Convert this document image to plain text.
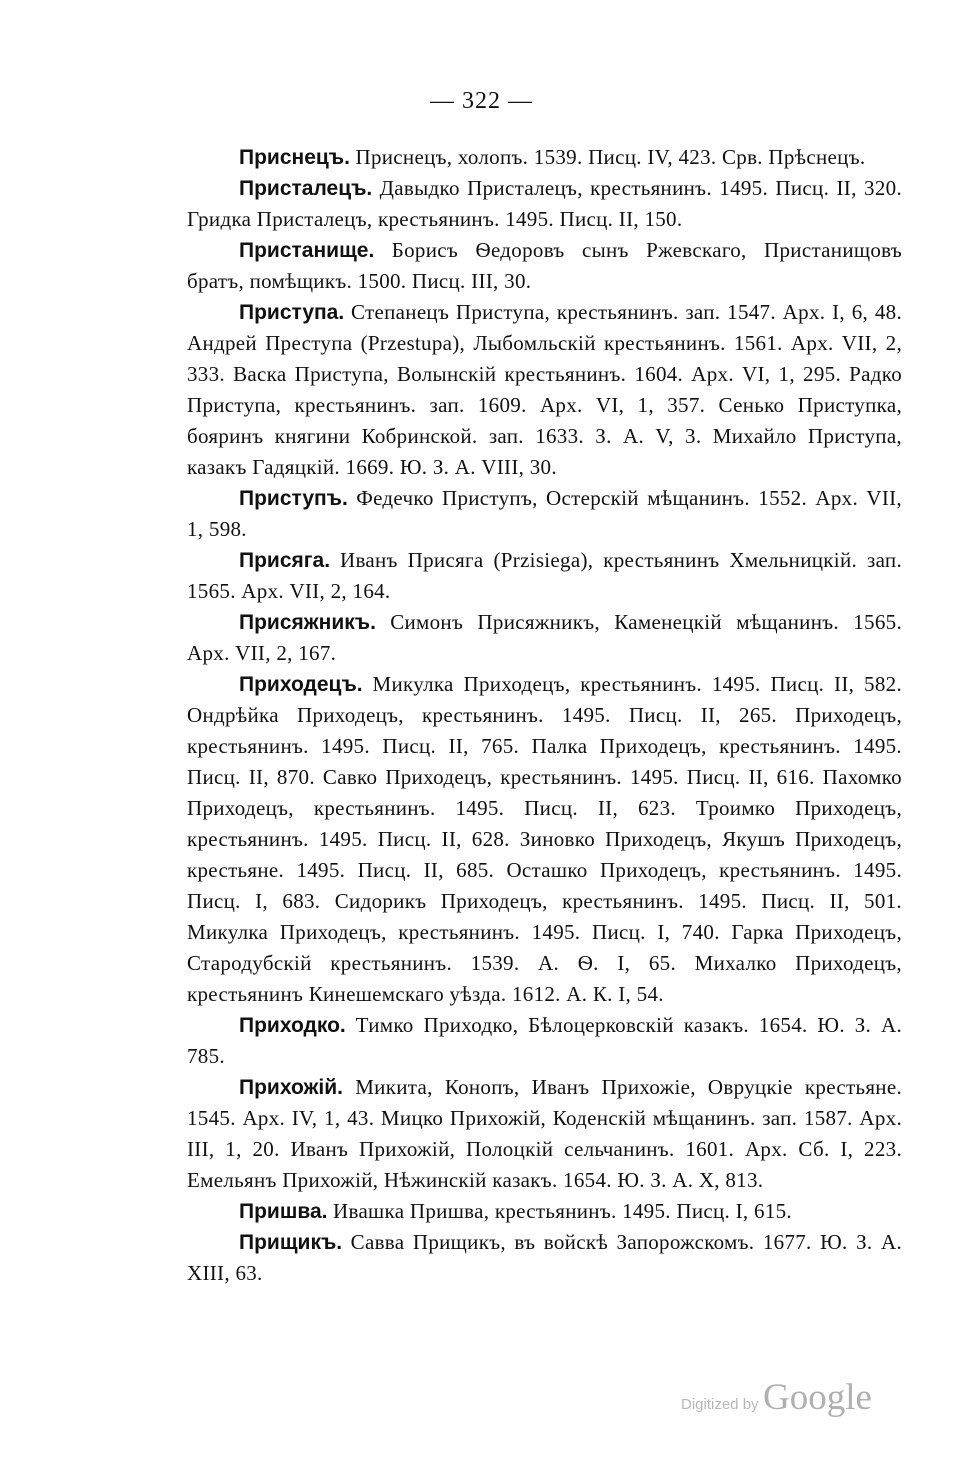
— 322 —

Приснецъ. Приснецъ, холопъ. 1539. Писц. IV, 423. Срв. Прѣснецъ.

Присталецъ. Давыдко Присталецъ, крестьянинъ. 1495. Писц. II, 320. Гридка Присталецъ, крестьянинъ. 1495. Писц. II, 150.

Пристанище. Борисъ Ѳедоровъ сынъ Ржевскаго, Пристанищовъ братъ, помѣщикъ. 1500. Писц. III, 30.

Приступа. Степанецъ Приступа, крестьянинъ. зап. 1547. Арх. I, 6, 48. Андрей Преступа (Przestupa), Лыбомльскій крестьянинъ. 1561. Арх. VII, 2, 333. Васка Приступа, Волынскій крестьянинъ. 1604. Арх. VI, 1, 295. Радко Приступа, крестьянинъ. зап. 1609. Арх. VI, 1, 357. Сенько Приступка, бояринъ княгини Кобринской. зап. 1633. З. А. V, 3. Михайло Приступа, казакъ Гадяцкій. 1669. Ю. З. А. VIII, 30.

Приступъ. Федечко Приступъ, Остерскій мѣщанинъ. 1552. Арх. VII, 1, 598.

Присяга. Иванъ Присяга (Przisiega), крестьянинъ Хмельницкій. зап. 1565. Арх. VII, 2, 164.

Присяжникъ. Симонъ Присяжникъ, Каменецкій мѣщанинъ. 1565. Арх. VII, 2, 167.

Приходецъ. Микулка Приходецъ, крестьянинъ. 1495. Писц. II, 582. Ондрѣйка Приходецъ, крестьянинъ. 1495. Писц. II, 265. Приходецъ, крестьянинъ. 1495. Писц. II, 765. Палка Приходецъ, крестьянинъ. 1495. Писц. II, 870. Савко Приходецъ, крестьянинъ. 1495. Писц. II, 616. Пахомко Приходецъ, крестьянинъ. 1495. Писц. II, 623. Троимко Приходецъ, крестьянинъ. 1495. Писц. II, 628. Зиновко Приходецъ, Якушъ Приходецъ, крестьяне. 1495. Писц. II, 685. Осташко Приходецъ, крестьянинъ. 1495. Писц. I, 683. Сидорикъ Приходецъ, крестьянинъ. 1495. Писц. II, 501. Микулка Приходецъ, крестьянинъ. 1495. Писц. I, 740. Гарка Приходецъ, Стародубскій крестьянинъ. 1539. А. Ѳ. I, 65. Михалко Приходецъ, крестьянинъ Кинешемскаго уѣзда. 1612. А. К. I, 54.

Приходко. Тимко Приходко, Бѣлоцерковскій казакъ. 1654. Ю. З. А. 785.

Прихожій. Микита, Конопъ, Иванъ Прихожіе, Овруцкіе крестьяне. 1545. Арх. IV, 1, 43. Мицко Прихожій, Коденскій мѣщанинъ. зап. 1587. Арх. III, 1, 20. Иванъ Прихожій, Полоцкій сельчанинъ. 1601. Арх. Сб. I, 223. Емельянъ Прихожій, Нѣжинскій казакъ. 1654. Ю. З. А. X, 813.

Пришва. Ивашка Пришва, крестьянинъ. 1495. Писц. I, 615.

Прищикъ. Савва Прищикъ, въ войскѣ Запорожскомъ. 1677. Ю. З. А. XIII, 63.

Digitized by Google
